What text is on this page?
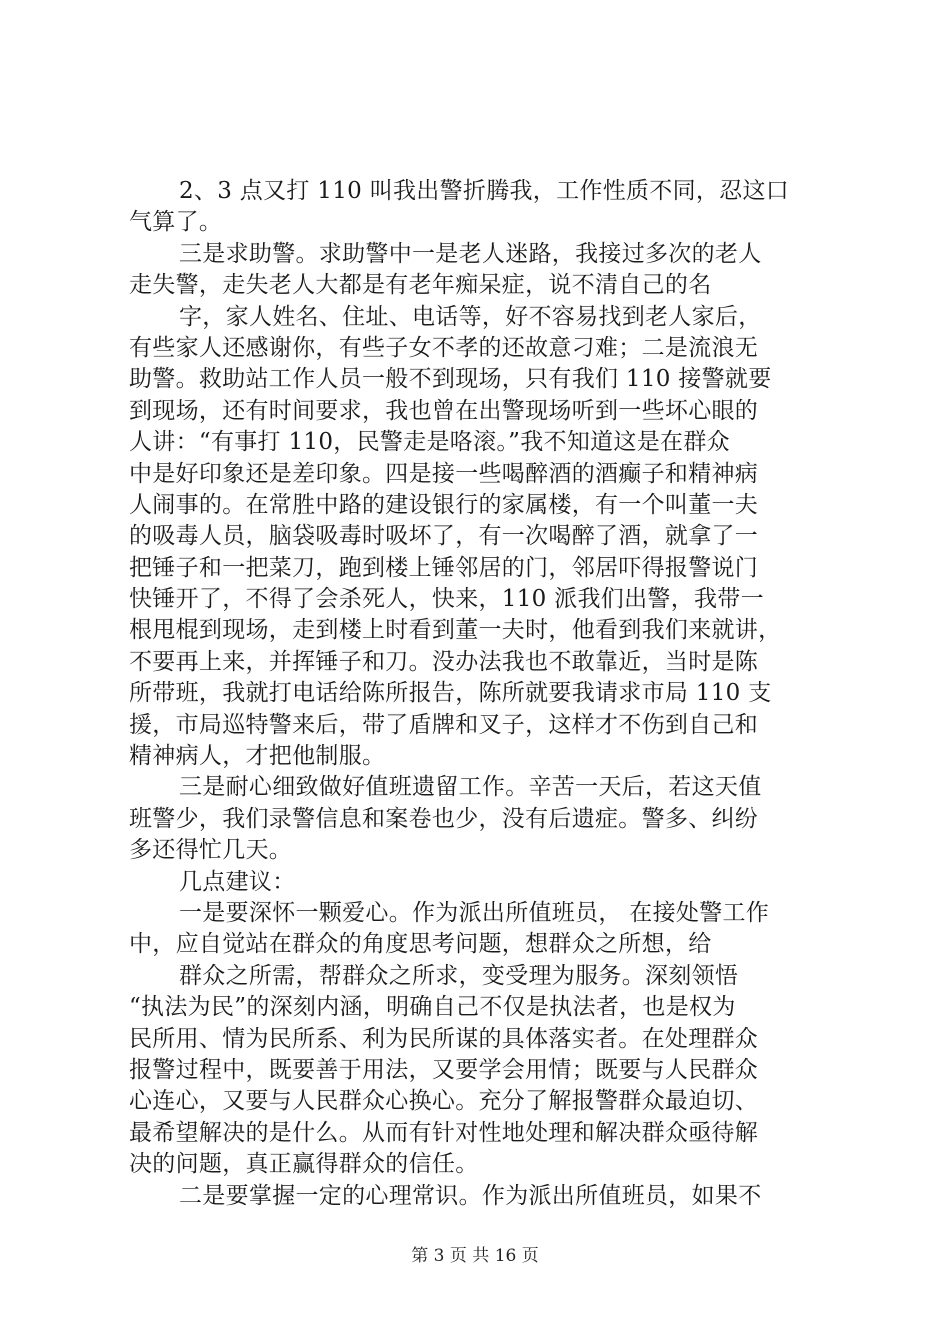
2、3 点又打 110 叫我出警折腾我，工作性质不同，忍这口
气算了。
三是求助警。求助警中一是老人迷路，我接过多次的老人
走失警，走失老人大都是有老年痴呆症，说不清自己的名
字，家人姓名、住址、电话等，好不容易找到老人家后，
有些家人还感谢你，有些子女不孝的还故意刁难；二是流浪无
助警。救助站工作人员一般不到现场，只有我们 110 接警就要
到现场，还有时间要求，我也曾在出警现场听到一些坏心眼的
人讲：“有事打 110，民警走是咯滚。”我不知道这是在群众
中是好印象还是差印象。四是接一些喝醉酒的酒癫子和精神病
人闹事的。在常胜中路的建设银行的家属楼，有一个叫董一夫
的吸毒人员，脑袋吸毒时吸坏了，有一次喝醉了酒，就拿了一
把锤子和一把菜刀，跑到楼上锤邻居的门，邻居吓得报警说门
快锤开了，不得了会杀死人，快来，110 派我们出警，我带一
根甩棍到现场，走到楼上时看到董一夫时，他看到我们来就讲，
不要再上来，并挥锤子和刀。没办法我也不敢靠近，当时是陈
所带班，我就打电话给陈所报告，陈所就要我请求市局 110 支
援，市局巡特警来后，带了盾牌和叉子，这样才不伤到自己和
精神病人，才把他制服。
三是耐心细致做好值班遗留工作。辛苦一天后，若这天值
班警少，我们录警信息和案卷也少，没有后遗症。警多、纠纷
多还得忙几天。
几点建议：
一是要深怀一颗爱心。作为派出所值班员， 在接处警工作
中，应自觉站在群众的角度思考问题，想群众之所想，给
群众之所需，帮群众之所求，变受理为服务。深刻领悟
“执法为民”的深刻内涵，明确自己不仅是执法者，也是权为
民所用、情为民所系、利为民所谋的具体落实者。在处理群众
报警过程中，既要善于用法，又要学会用情；既要与人民群众
心连心，又要与人民群众心换心。充分了解报警群众最迫切、
最希望解决的是什么。从而有针对性地处理和解决群众亟待解
决的问题，真正赢得群众的信任。
二是要掌握一定的心理常识。作为派出所值班员，如果不
第 3 页 共 16 页
